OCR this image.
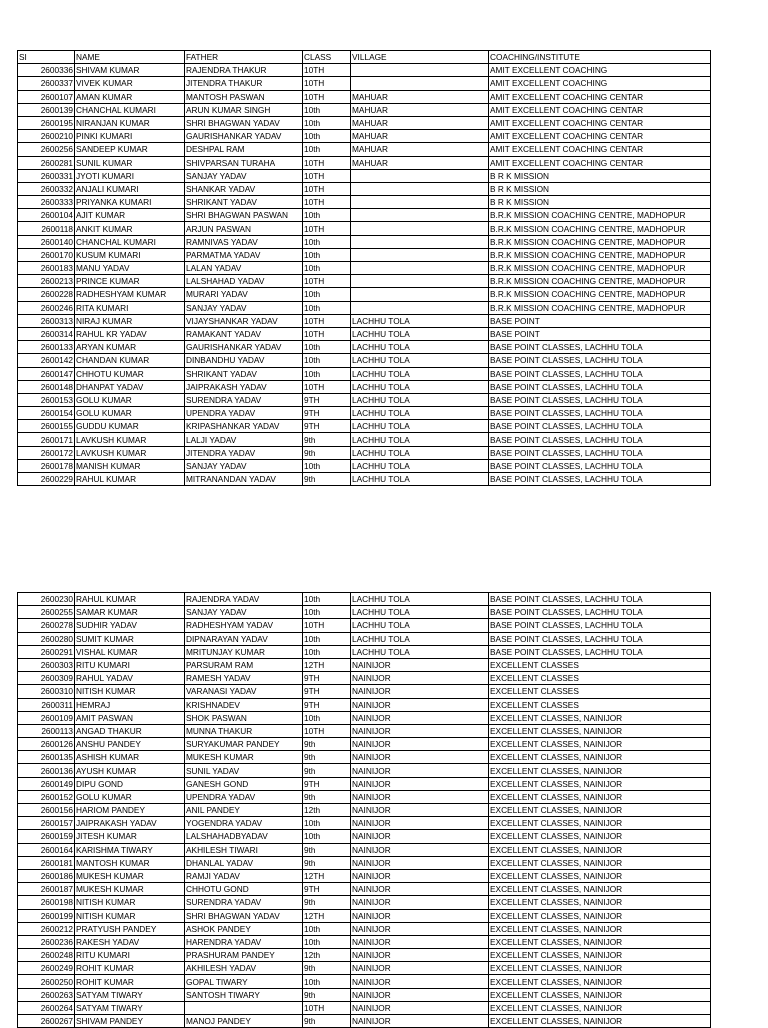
SI	NAME	FATHER	CLASS	VILLAGE	COACHING/INSTITUTE
2600336	SHIVAM KUMAR	RAJENDRA THAKUR	10TH		AMIT EXCELLENT COACHING
2600337	VIVEK KUMAR	JITENDRA THAKUR	10TH		AMIT EXCELLENT COACHING
2600107	AMAN KUMAR	MANTOSH PASWAN	10TH	MAHUAR	AMIT EXCELLENT COACHING CENTAR
2600139	CHANCHAL KUMARI	ARUN KUMAR SINGH	10th	MAHUAR	AMIT EXCELLENT COACHING CENTAR
2600195	NIRANJAN KUMAR	SHRI BHAGWAN YADAV	10th	MAHUAR	AMIT EXCELLENT COACHING CENTAR
2600210	PINKI KUMARI	GAURISHANKAR YADAV	10th	MAHUAR	AMIT EXCELLENT COACHING CENTAR
2600256	SANDEEP KUMAR	DESHPAL RAM	10th	MAHUAR	AMIT EXCELLENT COACHING CENTAR
2600281	SUNIL KUMAR	SHIVPARSAN TURAHA	10TH	MAHUAR	AMIT EXCELLENT COACHING CENTAR
2600331	JYOTI KUMARI	SANJAY YADAV	10TH		B R K MISSION
2600332	ANJALI KUMARI	SHANKAR YADAV	10TH		B R K MISSION
2600333	PRIYANKA KUMARI	SHRIKANT YADAV	10TH		B R K MISSION
2600104	AJIT KUMAR	SHRI BHAGWAN PASWAN	10th		B.R.K MISSION COACHING CENTRE, MADHOPUR
2600118	ANKIT KUMAR	ARJUN PASWAN	10TH		B.R.K MISSION COACHING CENTRE, MADHOPUR
2600140	CHANCHAL KUMARI	RAMNIVAS YADAV	10th		B.R.K MISSION COACHING CENTRE, MADHOPUR
2600170	KUSUM KUMARI	PARMATMA YADAV	10th		B.R.K MISSION COACHING CENTRE, MADHOPUR
2600183	MANU YADAV	LALAN YADAV	10th		B.R.K MISSION COACHING CENTRE, MADHOPUR
2600213	PRINCE KUMAR	LALSHAHAD YADAV	10TH		B.R.K MISSION COACHING CENTRE, MADHOPUR
2600228	RADHESHYAM KUMAR	MURARI YADAV	10th		B.R.K MISSION COACHING CENTRE, MADHOPUR
2600246	RITA KUMARI	SANJAY YADAV	10th		B.R.K MISSION COACHING CENTRE, MADHOPUR
2600313	NIRAJ KUMAR	VIJAYSHANKAR YADAV	10TH	LACHHU TOLA	BASE POINT
2600314	RAHUL KR YADAV	RAMAKANT YADAV	10TH	LACHHU TOLA	BASE POINT
2600133	ARYAN KUMAR	GAURISHANKAR YADAV	10th	LACHHU TOLA	BASE POINT CLASSES, LACHHU TOLA
2600142	CHANDAN KUMAR	DINBANDHU YADAV	10th	LACHHU TOLA	BASE POINT CLASSES, LACHHU TOLA
2600147	CHHOTU KUMAR	SHRIKANT YADAV	10th	LACHHU TOLA	BASE POINT CLASSES, LACHHU TOLA
2600148	DHANPAT YADAV	JAIPRAKASH YADAV	10TH	LACHHU TOLA	BASE POINT CLASSES, LACHHU TOLA
2600153	GOLU KUMAR	SURENDRA YADAV	9TH	LACHHU TOLA	BASE POINT CLASSES, LACHHU TOLA
2600154	GOLU KUMAR	UPENDRA YADAV	9TH	LACHHU TOLA	BASE POINT CLASSES, LACHHU TOLA
2600155	GUDDU KUMAR	KRIPASHANKAR YADAV	9TH	LACHHU TOLA	BASE POINT CLASSES, LACHHU TOLA
2600171	LAVKUSH KUMAR	LALJI YADAV	9th	LACHHU TOLA	BASE POINT CLASSES, LACHHU TOLA
2600172	LAVKUSH KUMAR	JITENDRA YADAV	9th	LACHHU TOLA	BASE POINT CLASSES, LACHHU TOLA
2600178	MANISH KUMAR	SANJAY YADAV	10th	LACHHU TOLA	BASE POINT CLASSES, LACHHU TOLA
2600229	RAHUL KUMAR	MITRANANDAN YADAV	9th	LACHHU TOLA	BASE POINT CLASSES, LACHHU TOLA
2600230	RAHUL KUMAR	RAJENDRA YADAV	10th	LACHHU TOLA	BASE POINT CLASSES, LACHHU TOLA
2600255	SAMAR KUMAR	SANJAY YADAV	10th	LACHHU TOLA	BASE POINT CLASSES, LACHHU TOLA
2600278	SUDHIR YADAV	RADHESHYAM YADAV	10TH	LACHHU TOLA	BASE POINT CLASSES, LACHHU TOLA
2600280	SUMIT KUMAR	DIPNARAYAN YADAV	10th	LACHHU TOLA	BASE POINT CLASSES, LACHHU TOLA
2600291	VISHAL KUMAR	MRITUNJAY KUMAR	10th	LACHHU TOLA	BASE POINT CLASSES, LACHHU TOLA
2600303	RITU KUMARI	PARSURAM RAM	12TH	NAINIJOR	EXCELLENT CLASSES
2600309	RAHUL YADAV	RAMESH YADAV	9TH	NAINIJOR	EXCELLENT CLASSES
2600310	NITISH KUMAR	VARANASI YADAV	9TH	NAINIJOR	EXCELLENT CLASSES
2600311	HEMRAJ	KRISHNADEV	9TH	NAINIJOR	EXCELLENT CLASSES
2600109	AMIT PASWAN	SHOK PASWAN	10th	NAINIJOR	EXCELLENT CLASSES, NAINIJOR
2600113	ANGAD THAKUR	MUNNA THAKUR	10TH	NAINIJOR	EXCELLENT CLASSES, NAINIJOR
2600126	ANSHU PANDEY	SURYAKUMAR PANDEY	9th	NAINIJOR	EXCELLENT CLASSES, NAINIJOR
2600135	ASHISH KUMAR	MUKESH KUMAR	9th	NAINIJOR	EXCELLENT CLASSES, NAINIJOR
2600136	AYUSH KUMAR	SUNIL YADAV	9th	NAINIJOR	EXCELLENT CLASSES, NAINIJOR
2600149	DIPU GOND	GANESH GOND	9TH	NAINIJOR	EXCELLENT CLASSES, NAINIJOR
2600152	GOLU KUMAR	UPENDRA YADAV	9th	NAINIJOR	EXCELLENT CLASSES, NAINIJOR
2600156	HARIOM PANDEY	ANIL PANDEY	12th	NAINIJOR	EXCELLENT CLASSES, NAINIJOR
2600157	JAIPRAKASH YADAV	YOGENDRA YADAV	10th	NAINIJOR	EXCELLENT CLASSES, NAINIJOR
2600159	JITESH KUMAR	LALSHAHADBYADAV	10th	NAINIJOR	EXCELLENT CLASSES, NAINIJOR
2600164	KARISHMA TIWARY	AKHILESH TIWARI	9th	NAINIJOR	EXCELLENT CLASSES, NAINIJOR
2600181	MANTOSH KUMAR	DHANLAL YADAV	9th	NAINIJOR	EXCELLENT CLASSES, NAINIJOR
2600186	MUKESH KUMAR	RAMJI YADAV	12TH	NAINIJOR	EXCELLENT CLASSES, NAINIJOR
2600187	MUKESH KUMAR	CHHOTU GOND	9TH	NAINIJOR	EXCELLENT CLASSES, NAINIJOR
2600198	NITISH KUMAR	SURENDRA YADAV	9th	NAINIJOR	EXCELLENT CLASSES, NAINIJOR
2600199	NITISH KUMAR	SHRI BHAGWAN YADAV	12TH	NAINIJOR	EXCELLENT CLASSES, NAINIJOR
2600212	PRATYUSH PANDEY	ASHOK PANDEY	10th	NAINIJOR	EXCELLENT CLASSES, NAINIJOR
2600236	RAKESH YADAV	HARENDRA YADAV	10th	NAINIJOR	EXCELLENT CLASSES, NAINIJOR
2600248	RITU KUMARI	PRASHURAM PANDEY	12th	NAINIJOR	EXCELLENT CLASSES, NAINIJOR
2600249	ROHIT KUMAR	AKHILESH YADAV	9th	NAINIJOR	EXCELLENT CLASSES, NAINIJOR
2600250	ROHIT KUMAR	GOPAL TIWARY	10th	NAINIJOR	EXCELLENT CLASSES, NAINIJOR
2600263	SATYAM TIWARY	SANTOSH TIWARY	9th	NAINIJOR	EXCELLENT CLASSES, NAINIJOR
2600264	SATYAM TIWARY		10TH	NAINIJOR	EXCELLENT CLASSES, NAINIJOR
2600267	SHIVAM PANDEY	MANOJ PANDEY	9th	NAINIJOR	EXCELLENT CLASSES, NAINIJOR
